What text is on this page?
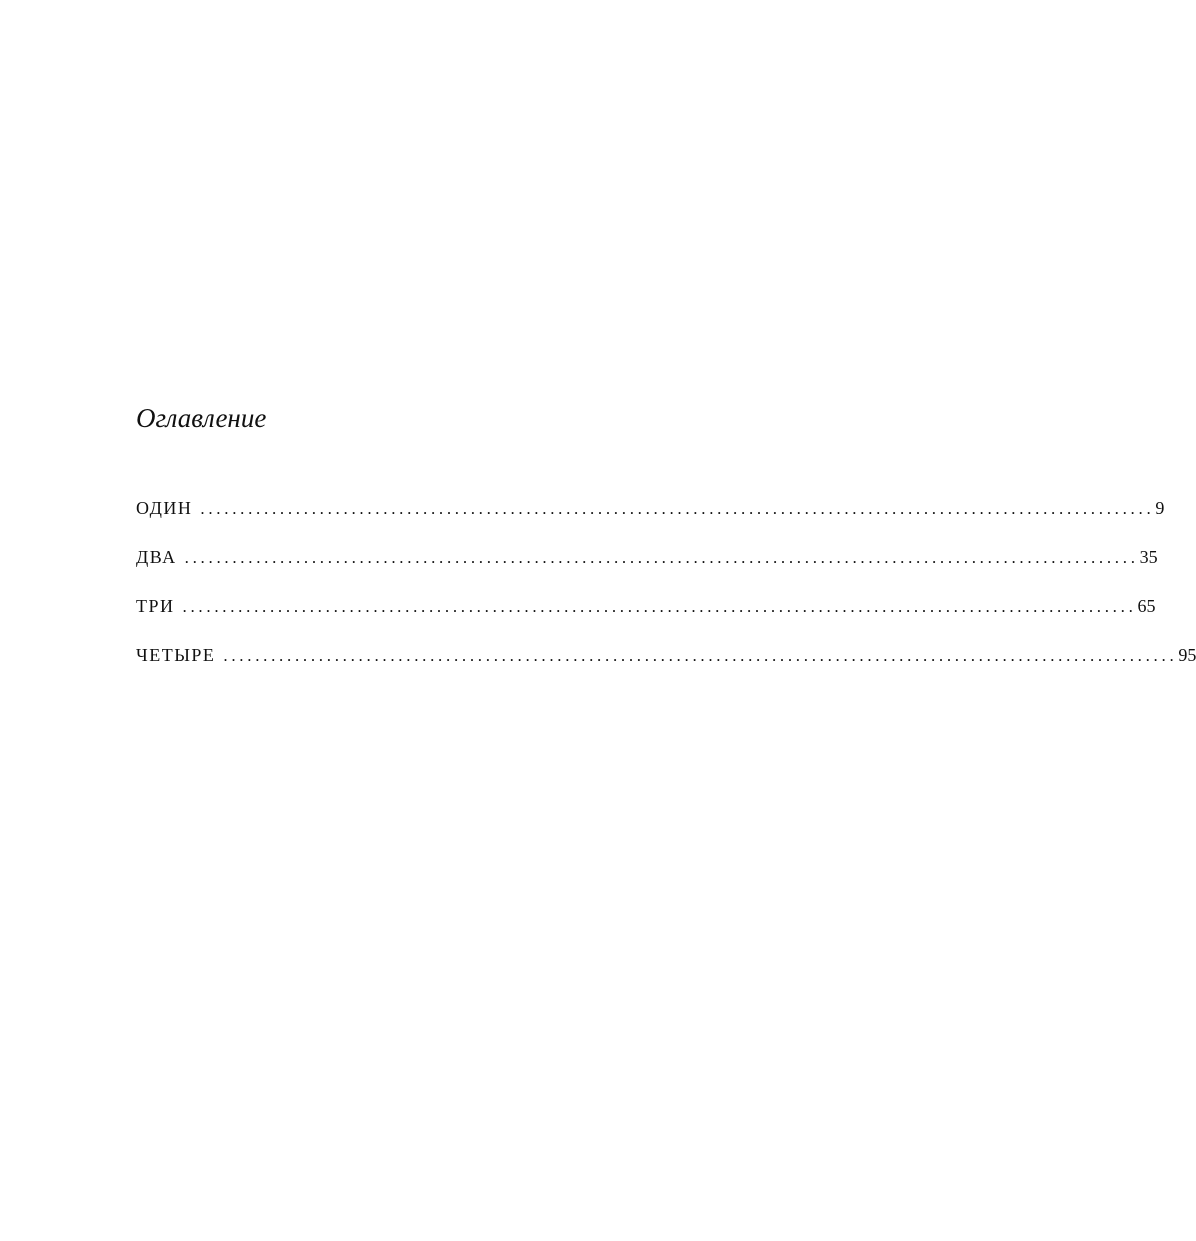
Оглавление
ОДИН ........................................................................................................................ 9
ДВА ........................................................................................................................ 35
ТРИ ........................................................................................................................ 65
ЧЕТЫРЕ ........................................................................................................................ 95
